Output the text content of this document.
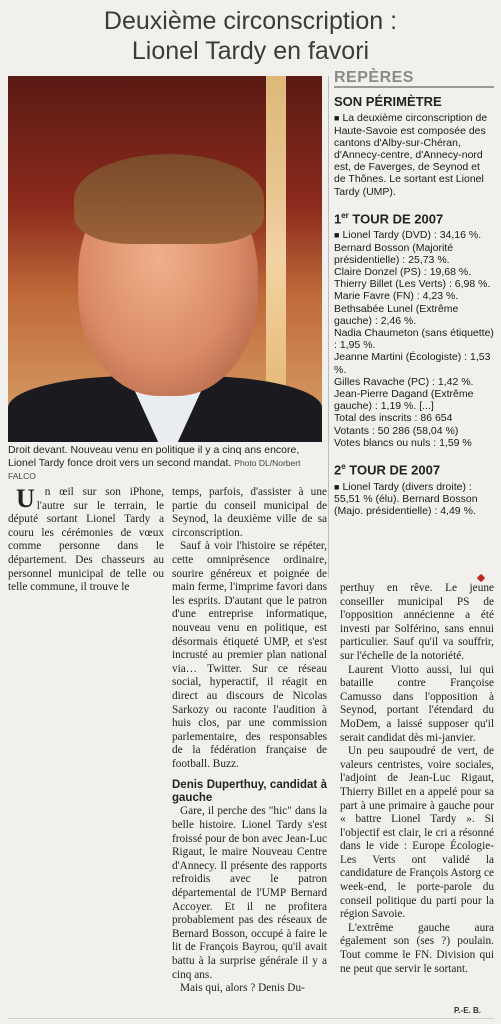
Deuxième circonscription :
Lionel Tardy en favori
Droit devant. Nouveau venu en politique il y a cinq ans encore, Lionel Tardy fonce droit vers un second mandat. Photo DL/Norbert FALCO
REPÈRES
SON PÉRIMÈTRE

■ La deuxième circonscription de Haute-Savoie est composée des cantons d'Alby-sur-Chéran, d'Annecy-centre, d'Annecy-nord est, de Faverges, de Seynod et de Thônes. Le sortant est Lionel Tardy (UMP).

1er TOUR DE 2007

■ Lionel Tardy (DVD) : 34,16 %.

Bernard Bosson (Majorité présidentielle) : 25,73 %.

Claire Donzel (PS) : 19,68 %.

Thierry Billet (Les Verts) : 6,98 %.

Marie Favre (FN) : 4,23 %.

Bethsabée Lunel (Extrême gauche) : 2,46 %.

Nadia Chaumeton (sans étiquette) : 1,95 %.

Jeanne Martini (Écologiste) : 1,53 %.

Gilles Ravache (PC) : 1,42 %.

Jean-Pierre Dagand (Extrême gauche) : 1,19 %. [...]

Total des inscrits : 86 654

Votants : 50 286 (58,04 %)

Votes blancs ou nuls : 1,59 %

2e TOUR DE 2007

■ Lionel Tardy (divers droite) : 55,51 % (élu). Bernard Bosson (Majo. présidentielle) : 4,49 %.

Un œil sur son iPhone, l'autre sur le terrain, le député sortant Lionel Tardy a couru les cérémonies de vœux comme personne dans le département. Des chasseurs au personnel municipal de telle ou telle commune, il trouve le

temps, parfois, d'assister à une partie du conseil municipal de Seynod, la deuxième ville de sa circonscription.

Sauf à voir l'histoire se répéter, cette omniprésence ordinaire, sourire généreux et poignée de main ferme, l'imprime favori dans les esprits. D'autant que le patron d'une entreprise informatique, nouveau venu en politique, est désormais étiqueté UMP, et s'est incrusté au premier plan national via… Twitter. Sur ce réseau social, hyperactif, il réagit en direct au discours de Nicolas Sarkozy ou raconte l'audition à huis clos, par une commission parlementaire, des responsables de la fédération française de football. Buzz.

Denis Duperthuy, candidat à gauche

Gare, il perche des "hic" dans la belle histoire. Lionel Tardy s'est froissé pour de bon avec Jean-Luc Rigaut, le maire Nouveau Centre d'Annecy. Il présente des rapports refroidis avec le patron départemental de l'UMP Bernard Accoyer. Et il ne profitera probablement pas des réseaux de Bernard Bosson, occupé à faire le lit de François Bayrou, qu'il avait battu à la surprise générale il y a cinq ans.

Mais qui, alors ? Denis Du-

perthuy en rêve. Le jeune conseiller municipal PS de l'opposition annécienne a été investi par Solférino, sans ennui particulier. Sauf qu'il va souffrir, sur l'échelle de la notoriété.

Laurent Viotto aussi, lui qui bataille contre Françoise Camusso dans l'opposition à Seynod, portant l'étendard du MoDem, a laissé supposer qu'il serait candidat dès mi-janvier.

Un peu saupoudré de vert, de valeurs centristes, voire sociales, l'adjoint de Jean-Luc Rigaut, Thierry Billet en a appelé pour sa part à une primaire à gauche pour « battre Lionel Tardy ». Si l'objectif est clair, le cri a résonné dans le vide : Europe Écologie-Les Verts ont validé la candidature de François Astorg ce week-end, le porte-parole du conseil politique du parti pour la région Savoie.

L'extrême gauche aura également son (ses ?) poulain. Tout comme le FN. Division qui ne peut que servir le sortant.

P.-E. B.
